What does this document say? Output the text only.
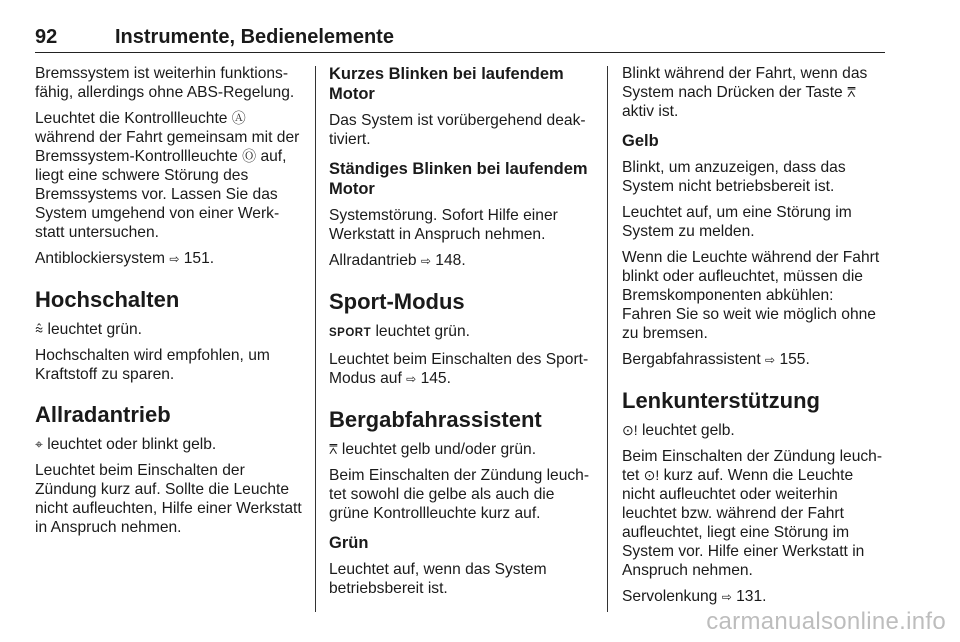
92	Instrumente, Bedienelemente

Bremssystem ist weiterhin funktionsfähig, allerdings ohne ABS-Regelung.

Leuchtet die Kontrollleuchte Ⓐ während der Fahrt gemeinsam mit der Bremssystem-Kontrollleuchte Ⓞ auf, liegt eine schwere Störung des Bremssystems vor. Lassen Sie das System umgehend von einer Werkstatt untersuchen.

Antiblockiersystem ⇨ 151.

Hochschalten

⩯ leuchtet grün.

Hochschalten wird empfohlen, um Kraftstoff zu sparen.

Allradantrieb

⌖ leuchtet oder blinkt gelb.

Leuchtet beim Einschalten der Zündung kurz auf. Sollte die Leuchte nicht aufleuchten, Hilfe einer Werkstatt in Anspruch nehmen.

Kurzes Blinken bei laufendem Motor

Das System ist vorübergehend deaktiviert.

Ständiges Blinken bei laufendem Motor

Systemstörung. Sofort Hilfe einer Werkstatt in Anspruch nehmen.

Allradantrieb ⇨ 148.

Sport-Modus

SPORT leuchtet grün.

Leuchtet beim Einschalten des Sport-Modus auf ⇨ 145.

Bergabfahrassistent

⩞ leuchtet gelb und/oder grün.

Beim Einschalten der Zündung leuchtet sowohl die gelbe als auch die grüne Kontrollleuchte kurz auf.

Grün

Leuchtet auf, wenn das System betriebsbereit ist.

Blinkt während der Fahrt, wenn das System nach Drücken der Taste ⩞ aktiv ist.

Gelb

Blinkt, um anzuzeigen, dass das System nicht betriebsbereit ist.

Leuchtet auf, um eine Störung im System zu melden.

Wenn die Leuchte während der Fahrt blinkt oder aufleuchtet, müssen die Bremskomponenten abkühlen: Fahren Sie so weit wie möglich ohne zu bremsen.

Bergabfahrassistent ⇨ 155.

Lenkunterstützung

⊙! leuchtet gelb.

Beim Einschalten der Zündung leuchtet ⊙! kurz auf. Wenn die Leuchte nicht aufleuchtet oder weiterhin leuchtet bzw. während der Fahrt aufleuchtet, liegt eine Störung im System vor. Hilfe einer Werkstatt in Anspruch nehmen.

Servolenkung ⇨ 131.

carmanualsonline.info
